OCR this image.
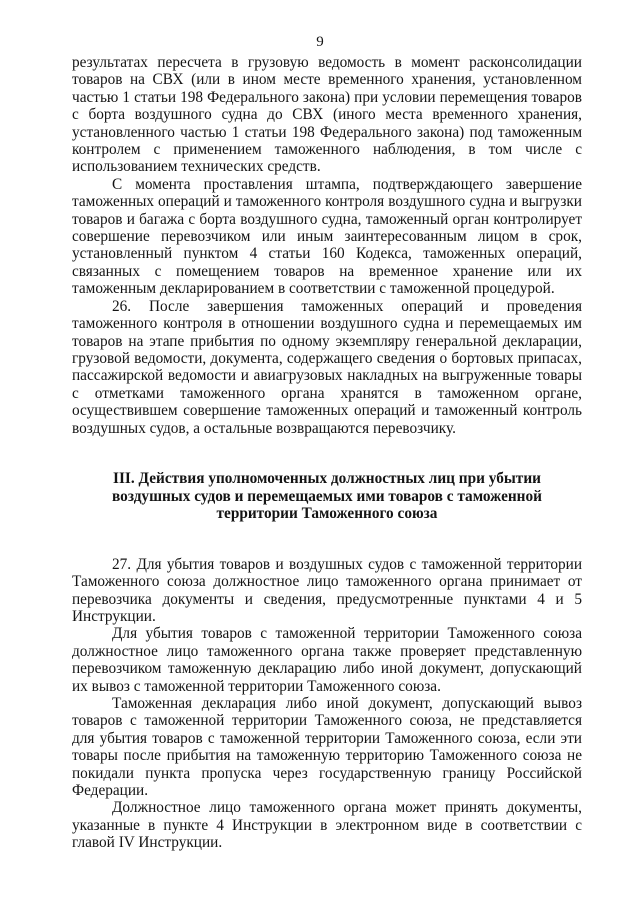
9

результатах пересчета в грузовую ведомость в момент расконсолидации товаров на СВХ (или в ином месте временного хранения, установленном частью 1 статьи 198 Федерального закона) при условии перемещения товаров с борта воздушного судна до СВХ (иного места временного хранения, установленного частью 1 статьи 198 Федерального закона) под таможенным контролем с применением таможенного наблюдения, в том числе с использованием технических средств.

С момента проставления штампа, подтверждающего завершение таможенных операций и таможенного контроля воздушного судна и выгрузки товаров и багажа с борта воздушного судна, таможенный орган контролирует совершение перевозчиком или иным заинтересованным лицом в срок, установленный пунктом 4 статьи 160 Кодекса, таможенных операций, связанных с помещением товаров на временное хранение или их таможенным декларированием в соответствии с таможенной процедурой.

26. После завершения таможенных операций и проведения таможенного контроля в отношении воздушного судна и перемещаемых им товаров на этапе прибытия по одному экземпляру генеральной декларации, грузовой ведомости, документа, содержащего сведения о бортовых припасах, пассажирской ведомости и авиагрузовых накладных на выгруженные товары с отметками таможенного органа хранятся в таможенном органе, осуществившем совершение таможенных операций и таможенный контроль воздушных судов, а остальные возвращаются перевозчику.

III. Действия уполномоченных должностных лиц при убытии воздушных судов и перемещаемых ими товаров с таможенной территории Таможенного союза

27. Для убытия товаров и воздушных судов с таможенной территории Таможенного союза должностное лицо таможенного органа принимает от перевозчика документы и сведения, предусмотренные пунктами 4 и 5 Инструкции.

Для убытия товаров с таможенной территории Таможенного союза должностное лицо таможенного органа также проверяет представленную перевозчиком таможенную декларацию либо иной документ, допускающий их вывоз с таможенной территории Таможенного союза.

Таможенная декларация либо иной документ, допускающий вывоз товаров с таможенной территории Таможенного союза, не представляется для убытия товаров с таможенной территории Таможенного союза, если эти товары после прибытия на таможенную территорию Таможенного союза не покидали пункта пропуска через государственную границу Российской Федерации.

Должностное лицо таможенного органа может принять документы, указанные в пункте 4 Инструкции в электронном виде в соответствии с главой IV Инструкции.
